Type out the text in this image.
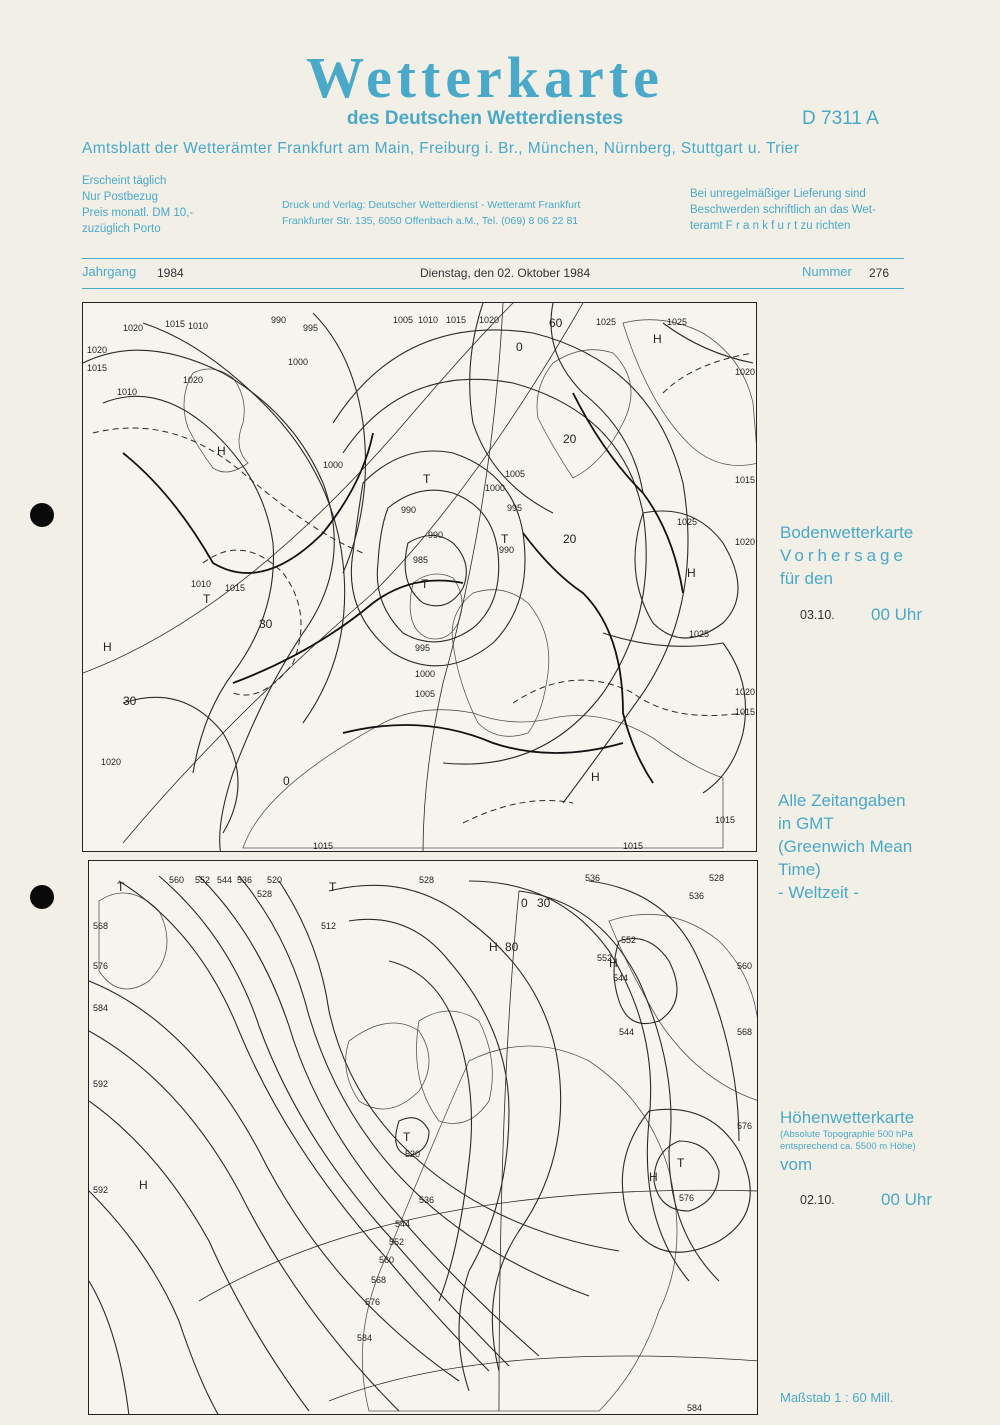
Wetterkarte
des Deutschen Wetterdienstes	D 7311 A
Amtsblatt der Wetterämter Frankfurt am Main, Freiburg i. Br., München, Nürnberg, Stuttgart u. Trier
Erscheint täglich
Nur Postbezug
Preis monatl. DM 10,-
zuzüglich Porto
Druck und Verlag: Deutscher Wetterdienst - Wetteramt Frankfurt
Frankfurter Str. 135, 6050 Offenbach a.M., Tel. (069) 8 06 22 81
Bei unregelmäßiger Lieferung sind
Beschwerden schriftlich an das Wet-
teramt F r a n k f u r t zu richten
Jahrgang 1984	Dienstag, den 02. Oktober 1984	Nummer 276
1020 1015 1010
990
995
1000
1005 1010 1015 1020	1025	1025
1020
1015
1020
1015
1010
1020
1000
990
985
990
995
1000
1005
1005
1000
995
990
1025
1020
1025
1020
1015
1010 1015
1020
1015
1015	1015
30
30
20
20
0
0
60
T
T
T
T
H
H
H
H
H
560 552 544 536
528
520
512
568
576
584
592
592
528
536
544
552
560
568
576
584
520
536
544
552
560
568
576
584
552
544
576
536
528
0 30
80
T	T
T
T
H
H
H
H
Bodenwetterkarte
Vorhersage
für den
03.10. 00 Uhr
Alle Zeitangaben
in GMT
(Greenwich Mean
Time)
- Weltzeit -
Höhenwetterkarte
(Absolute Topographie 500 hPa
entsprechend ca. 5500 m Höhe)
vom
02.10.	00 Uhr
Maßstab 1 : 60 Mill.
